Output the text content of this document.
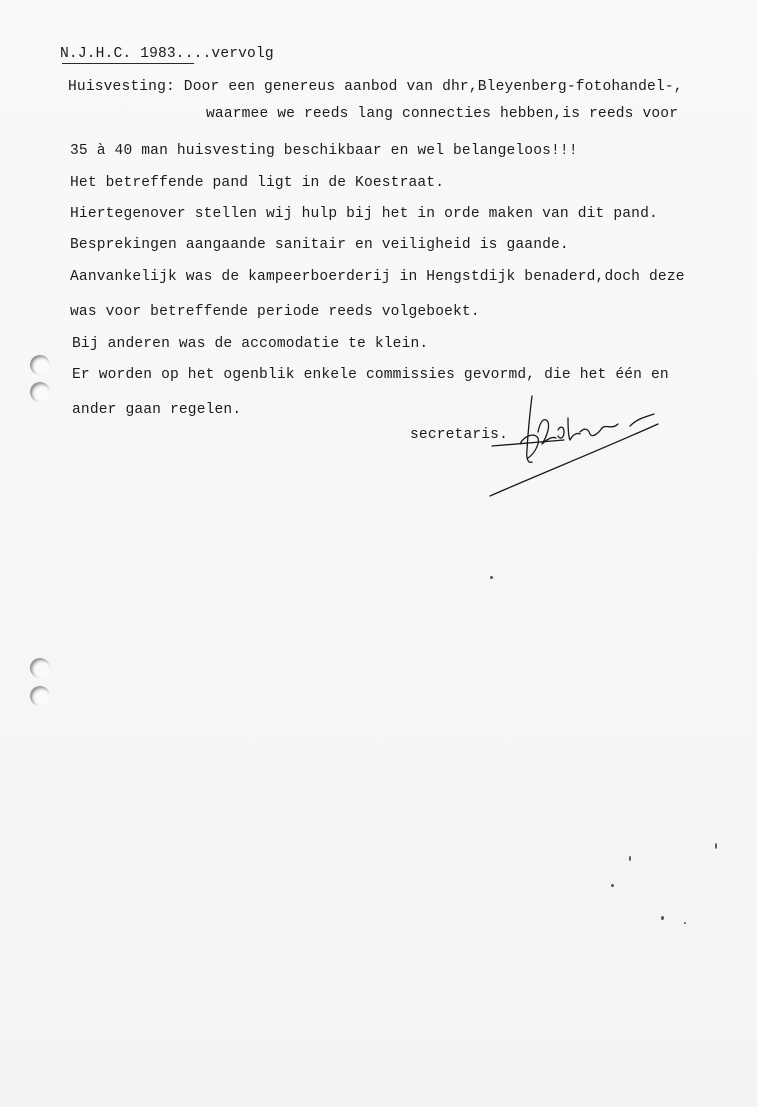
N.J.H.C. 1983....vervolg
Huisvesting: Door een genereus aanbod van dhr,Bleyenberg-fotohandel-,
waarmee we reeds lang connecties hebben,is reeds voor
35 à 40 man huisvesting beschikbaar en wel belangeloos!!!
Het betreffende pand ligt in de Koestraat.
Hiertegenover stellen wij hulp bij het in orde maken van dit pand.
Besprekingen aangaande sanitair en veiligheid is gaande.
Aanvankelijk was de kampeerboerderij in Hengstdijk benaderd,doch deze
was voor betreffende periode reeds volgeboekt.
Bij anderen was de accomodatie te klein.
Er worden op het ogenblik enkele commissies gevormd, die het één en
ander gaan regelen.
secretaris.
